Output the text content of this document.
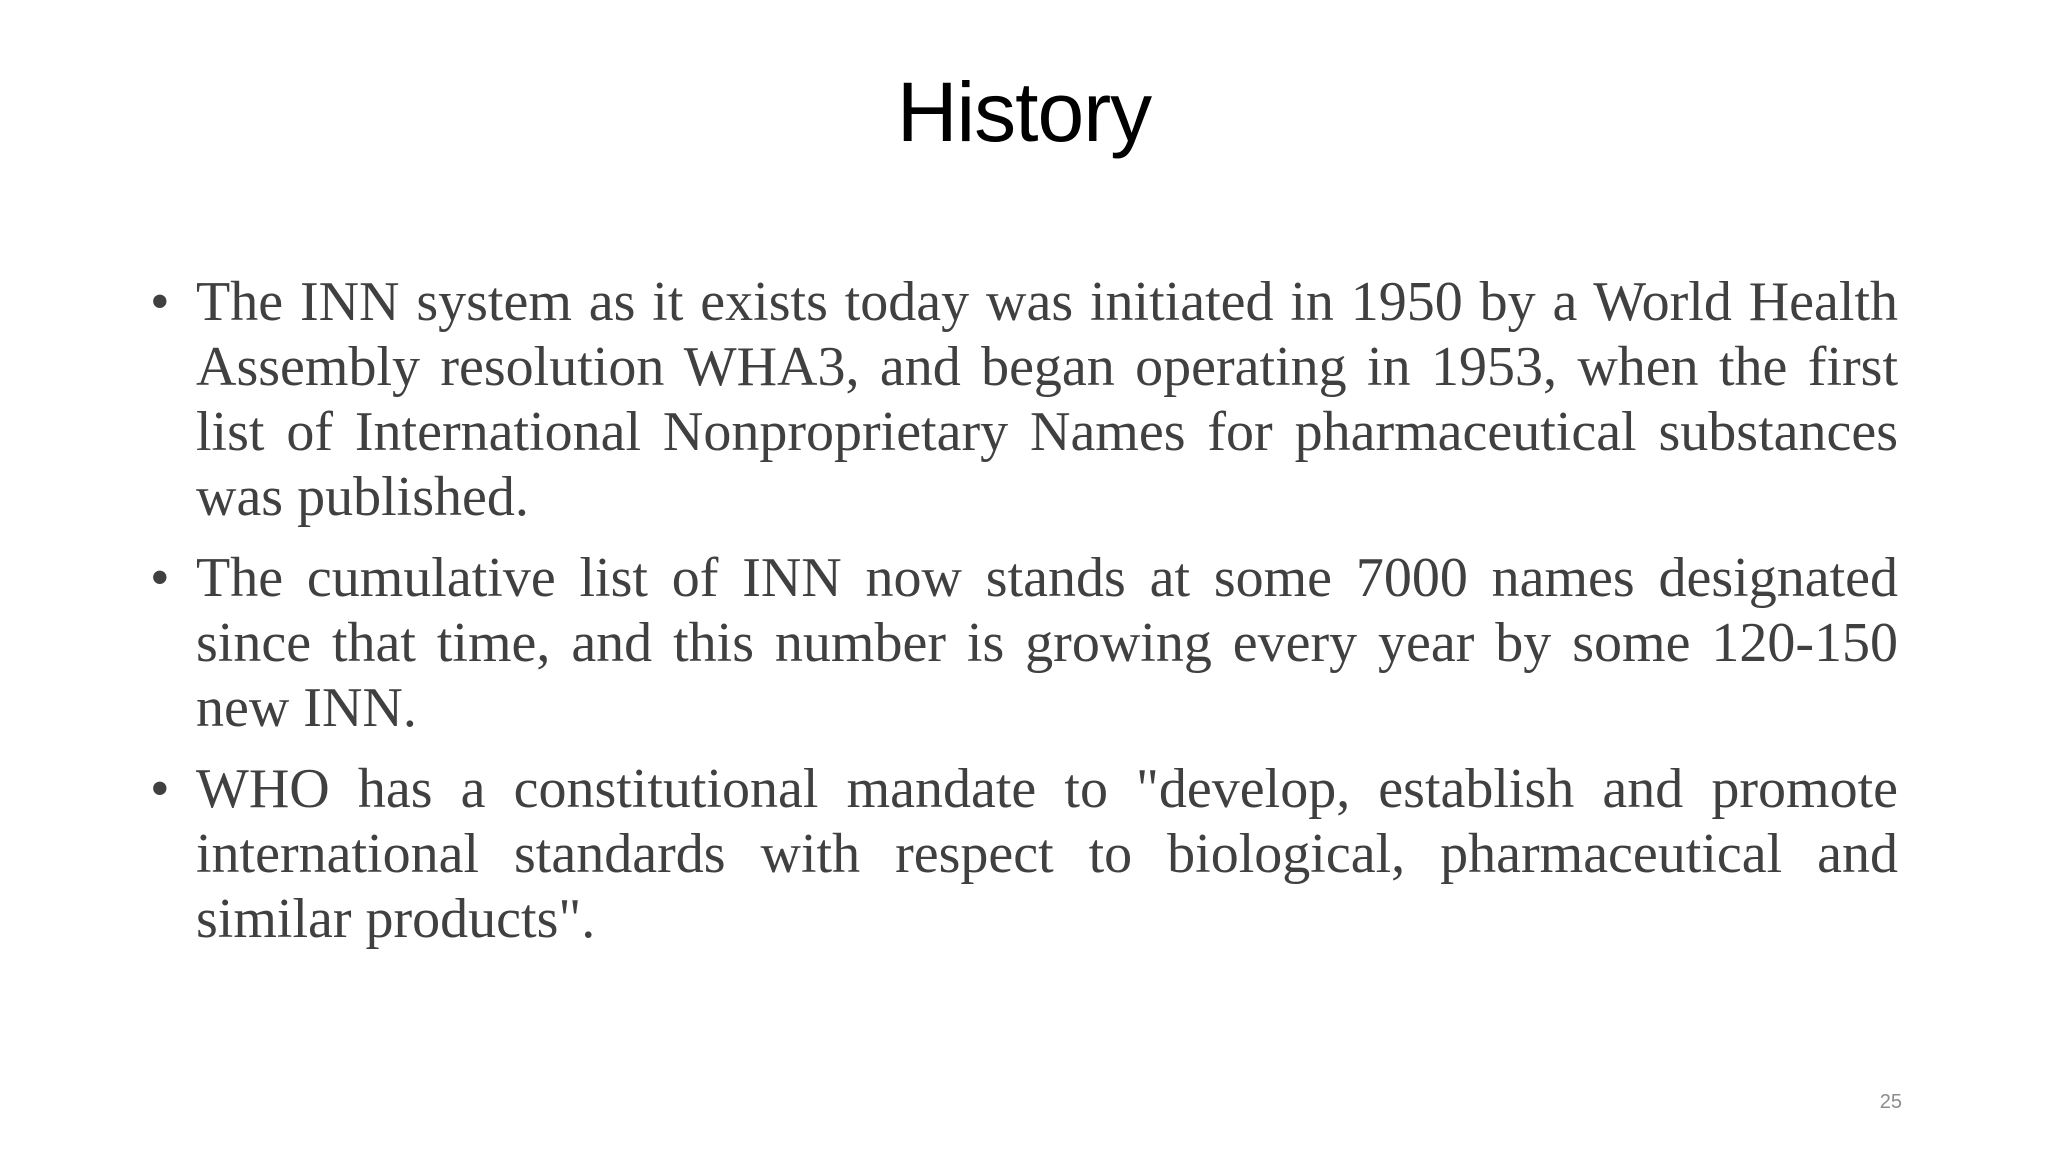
History
• The INN system as it exists today was initiated in 1950 by a World Health Assembly resolution WHA3, and began operating in 1953, when the first list of International Nonproprietary Names for pharmaceutical substances was published.
• The cumulative list of INN now stands at some 7000 names designated since that time, and this number is growing every year by some 120-150 new INN.
• WHO has a constitutional mandate to "develop, establish and promote international standards with respect to biological, pharmaceutical and similar products".
25
